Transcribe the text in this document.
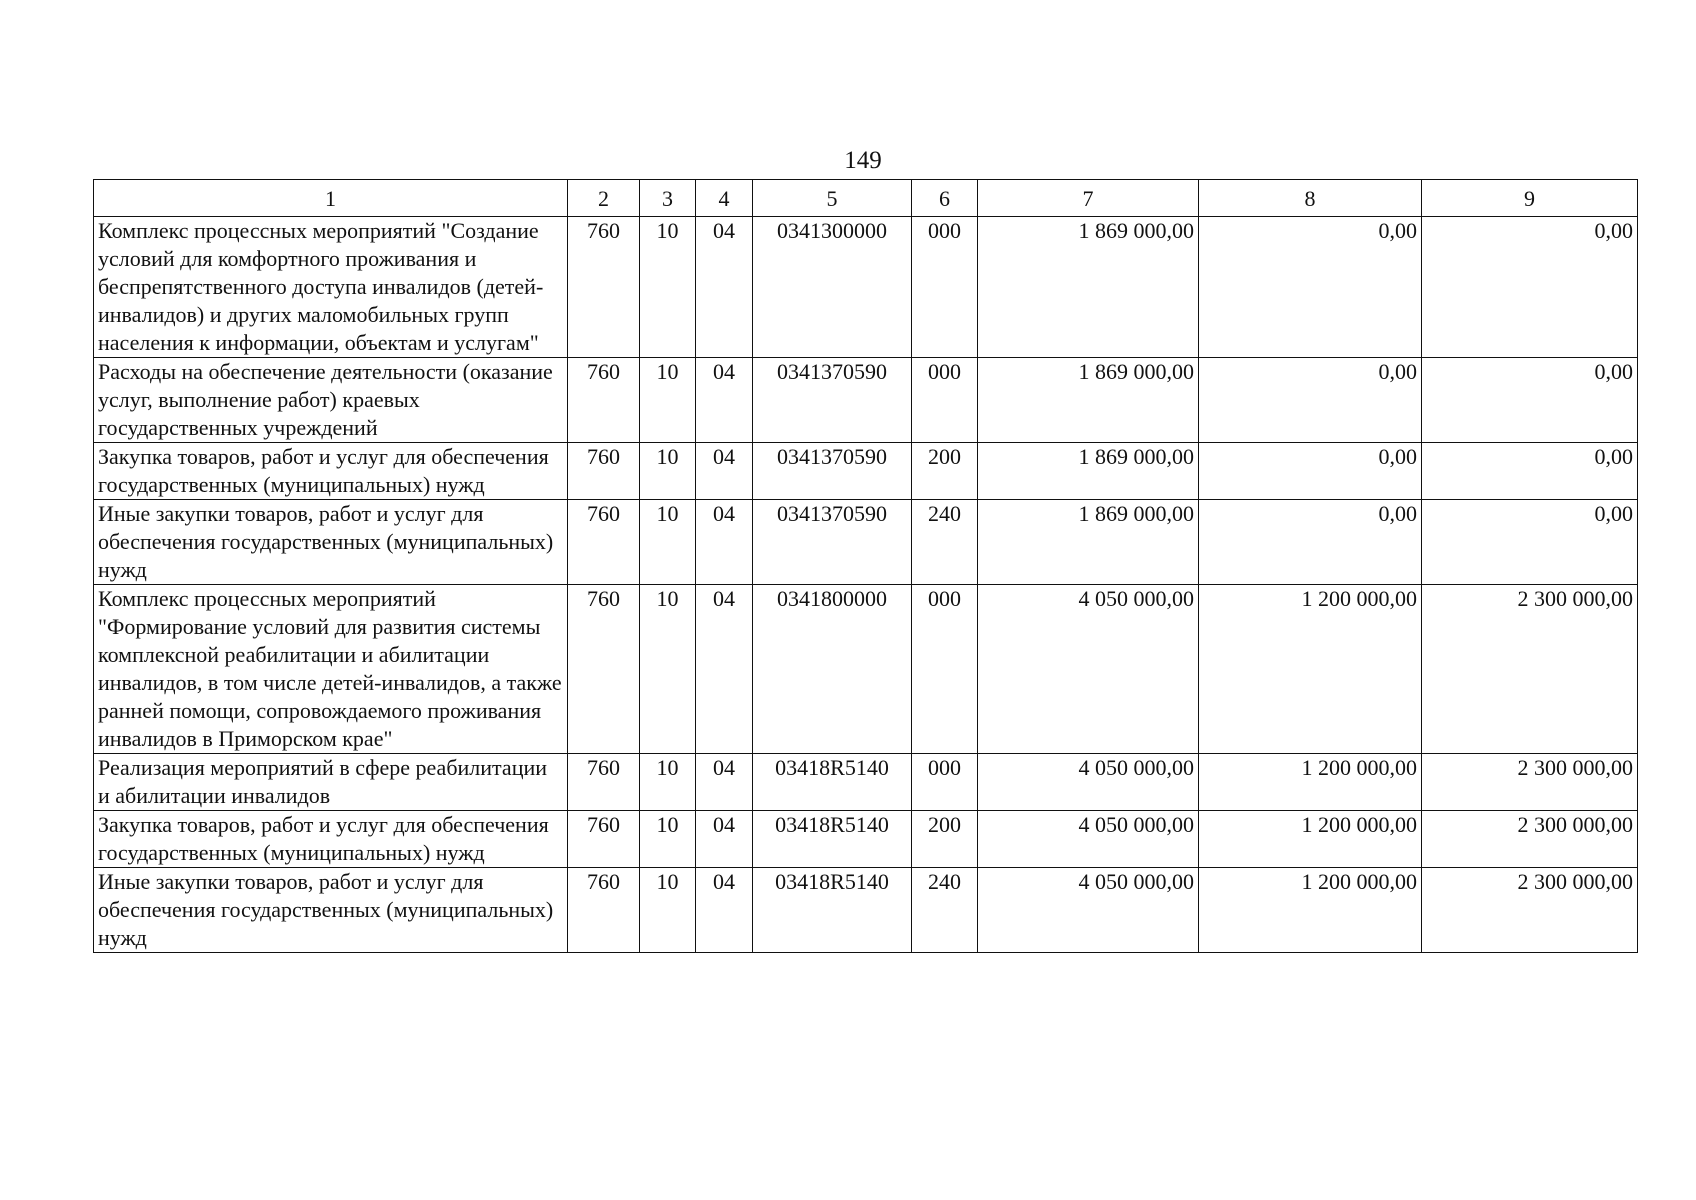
149
1	2	3	4	5	6	7	8	9
Комплекс процессных мероприятий "Создание условий для комфортного проживания и беспрепятственного доступа инвалидов (детей-инвалидов) и других маломобильных групп населения к информации, объектам и услугам"	760	10	04	0341300000	000	1 869 000,00	0,00	0,00
Расходы на обеспечение деятельности (оказание услуг, выполнение работ) краевых государственных учреждений	760	10	04	0341370590	000	1 869 000,00	0,00	0,00
Закупка товаров, работ и услуг для обеспечения государственных (муниципальных) нужд	760	10	04	0341370590	200	1 869 000,00	0,00	0,00
Иные закупки товаров, работ и услуг для обеспечения государственных (муниципальных) нужд	760	10	04	0341370590	240	1 869 000,00	0,00	0,00
Комплекс процессных мероприятий "Формирование условий для развития системы комплексной реабилитации и абилитации инвалидов, в том числе детей-инвалидов, а также ранней помощи, сопровождаемого проживания инвалидов в Приморском крае"	760	10	04	0341800000	000	4 050 000,00	1 200 000,00	2 300 000,00
Реализация мероприятий в сфере реабилитации и абилитации инвалидов	760	10	04	03418R5140	000	4 050 000,00	1 200 000,00	2 300 000,00
Закупка товаров, работ и услуг для обеспечения государственных (муниципальных) нужд	760	10	04	03418R5140	200	4 050 000,00	1 200 000,00	2 300 000,00
Иные закупки товаров, работ и услуг для обеспечения государственных (муниципальных) нужд	760	10	04	03418R5140	240	4 050 000,00	1 200 000,00	2 300 000,00
